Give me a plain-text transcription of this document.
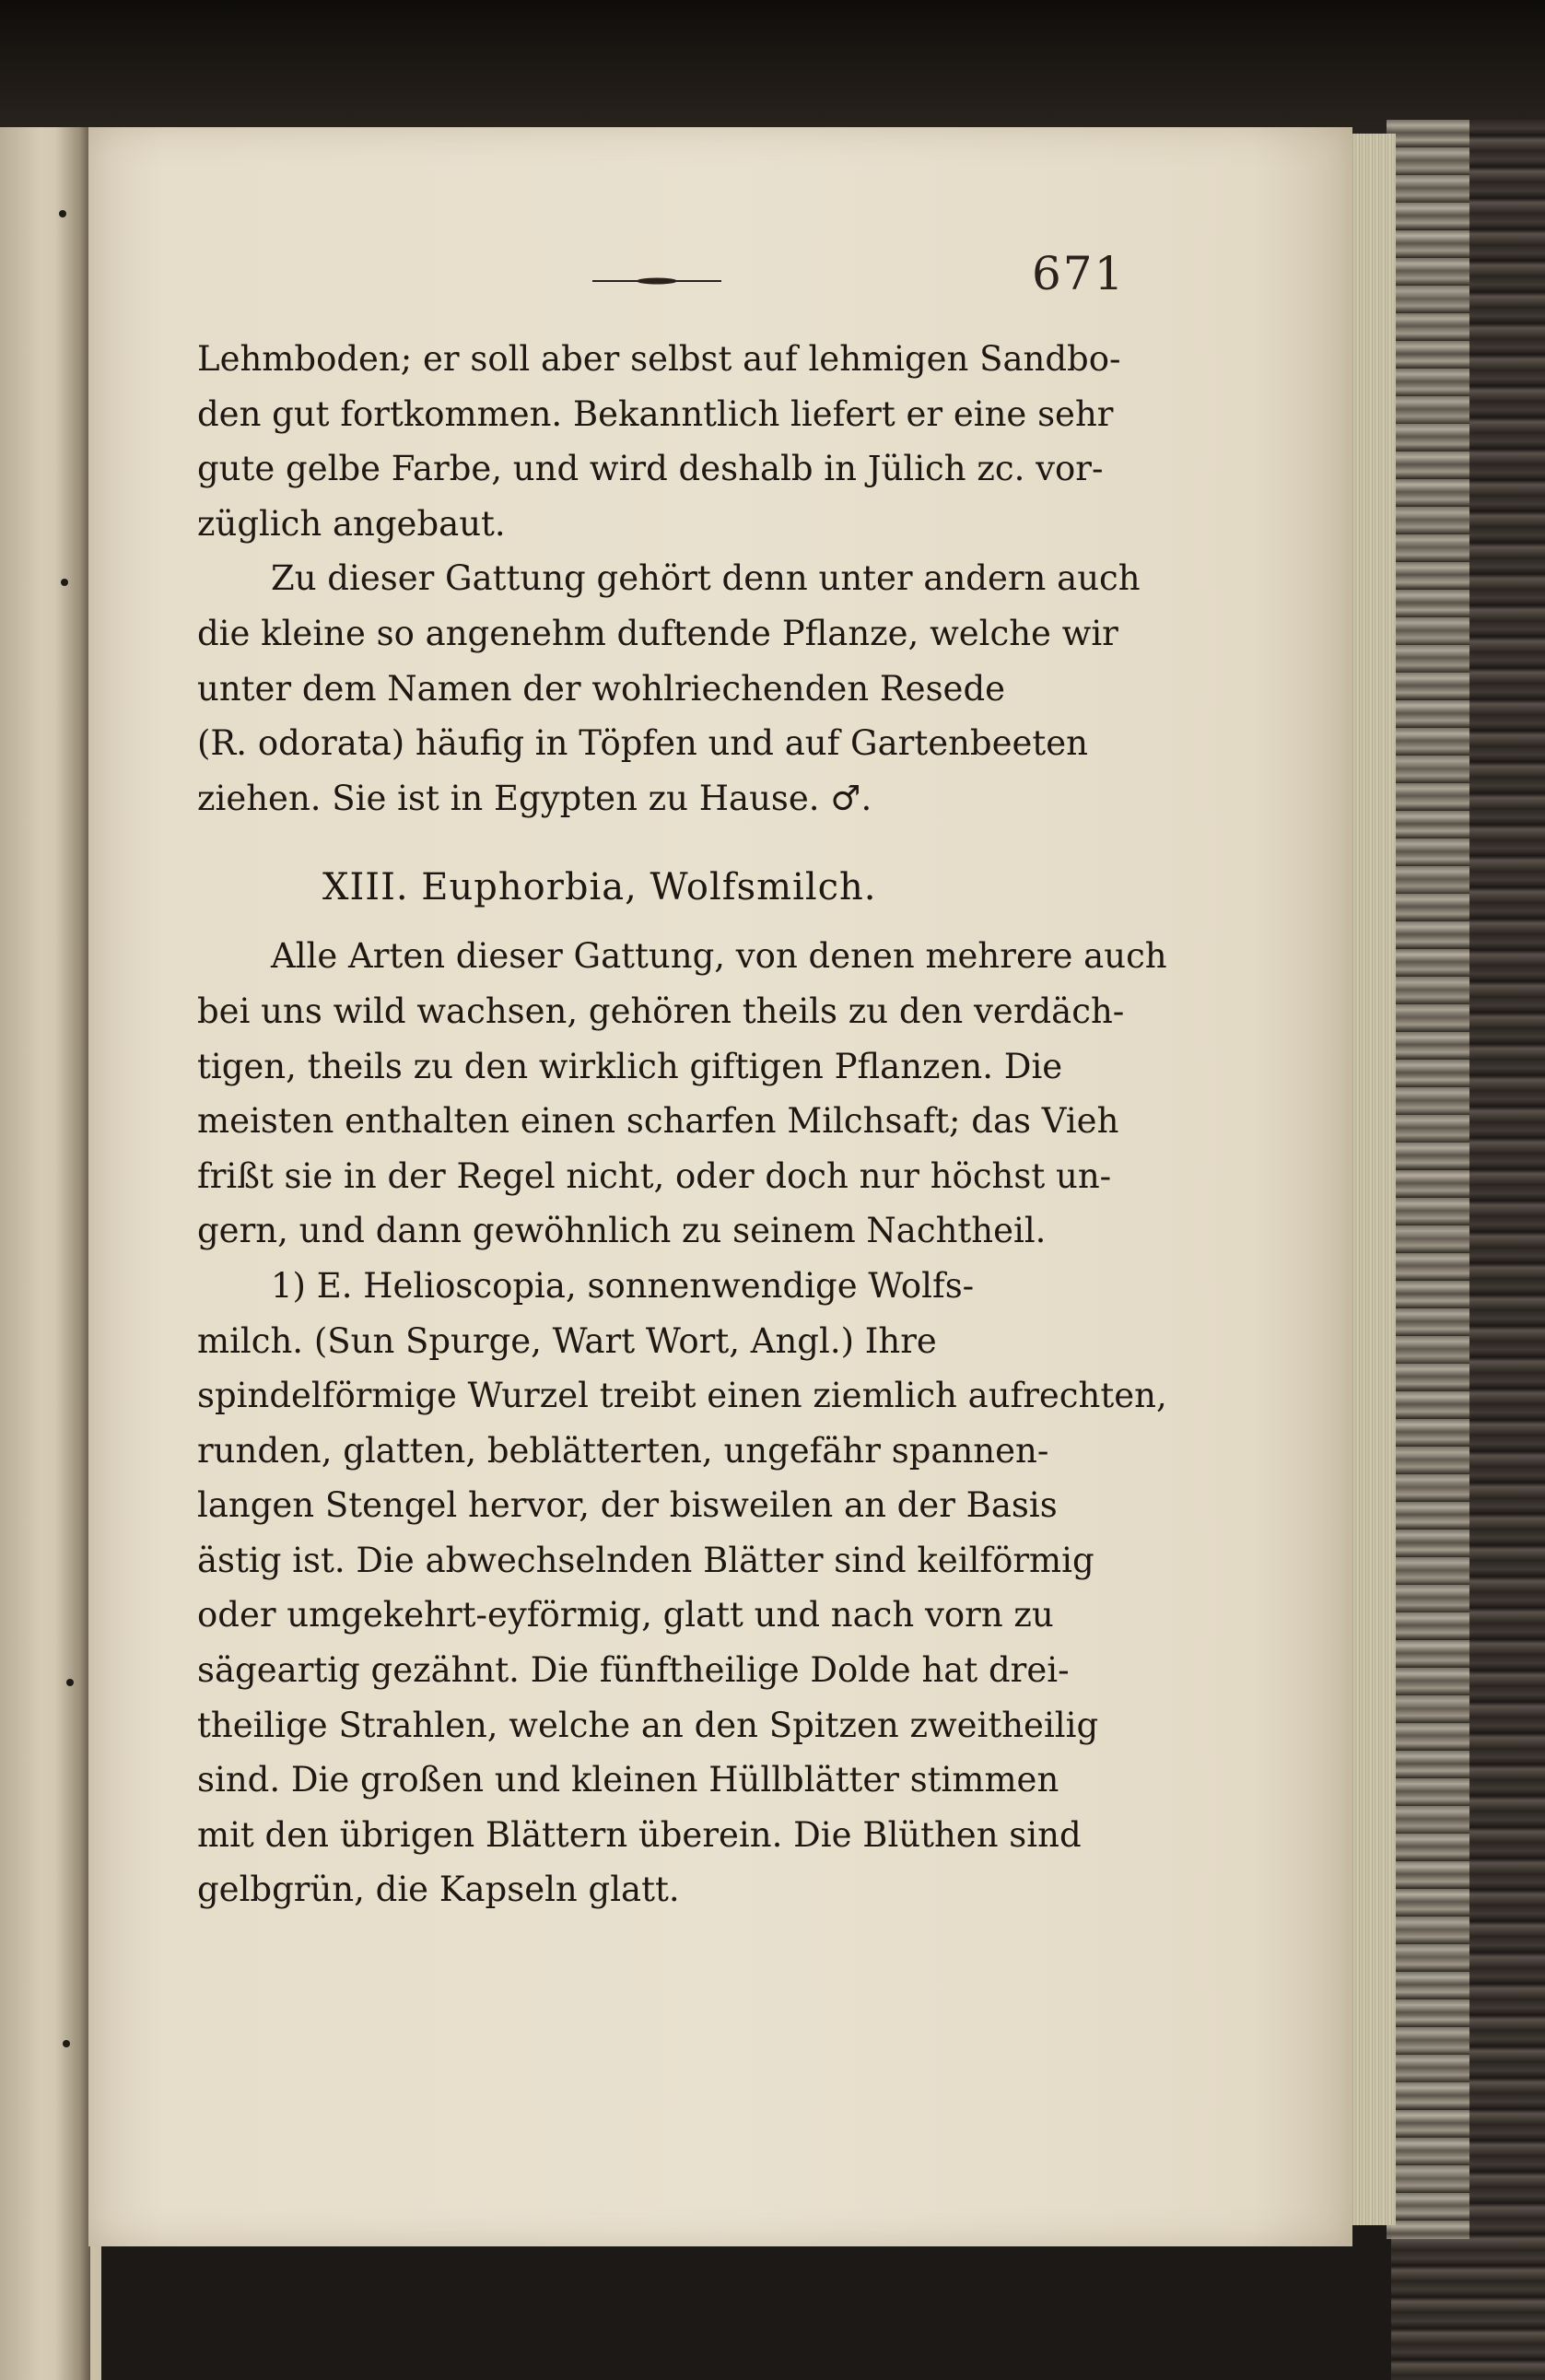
671
Lehmboden; er soll aber selbst auf lehmigen Sandbo-
den gut fortkommen. Bekanntlich liefert er eine sehr
gute gelbe Farbe, und wird deshalb in Jülich zc. vor-
züglich angebaut.
Zu dieser Gattung gehört denn unter andern auch
die kleine so angenehm duftende Pflanze, welche wir
unter dem Namen der wohlriechenden Resede
(R. odorata) häufig in Töpfen und auf Gartenbeeten
ziehen. Sie ist in Egypten zu Hause. ♂.
XIII. Euphorbia, Wolfsmilch.
Alle Arten dieser Gattung, von denen mehrere auch
bei uns wild wachsen, gehören theils zu den verdäch-
tigen, theils zu den wirklich giftigen Pflanzen. Die
meisten enthalten einen scharfen Milchsaft; das Vieh
frißt sie in der Regel nicht, oder doch nur höchst un-
gern, und dann gewöhnlich zu seinem Nachtheil.
1) E. Helioscopia, sonnenwendige Wolfs-
milch. (Sun Spurge, Wart Wort, Angl.) Ihre
spindelförmige Wurzel treibt einen ziemlich aufrechten,
runden, glatten, beblätterten, ungefähr spannen-
langen Stengel hervor, der bisweilen an der Basis
ästig ist. Die abwechselnden Blätter sind keilförmig
oder umgekehrt-eyförmig, glatt und nach vorn zu
sägeartig gezähnt. Die fünftheilige Dolde hat drei-
theilige Strahlen, welche an den Spitzen zweitheilig
sind. Die großen und kleinen Hüllblätter stimmen
mit den übrigen Blättern überein. Die Blüthen sind
gelbgrün, die Kapseln glatt.
